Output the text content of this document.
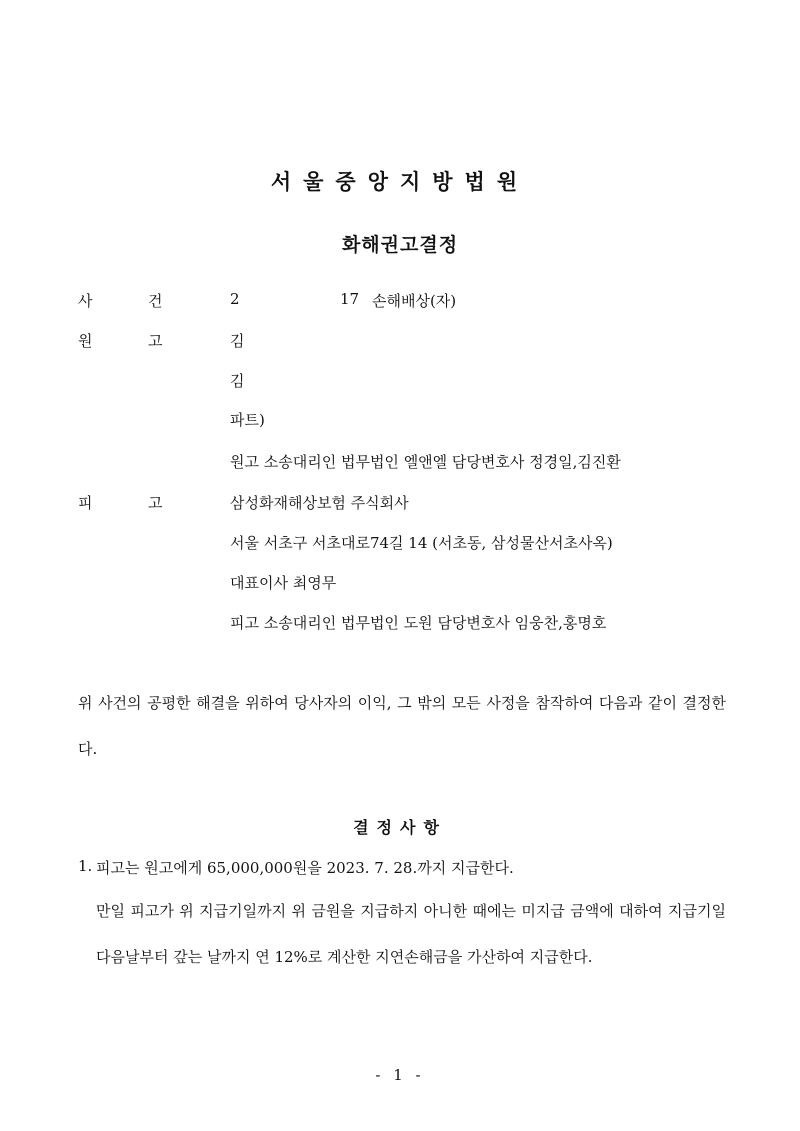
서울중앙지방법원
화해권고결정
사	건	2	17 손해배상(자)
원	고	김
김
파트)
원고 소송대리인 법무법인 엘앤엘 담당변호사 정경일,김진환
피	고	삼성화재해상보험 주식회사
서울 서초구 서초대로74길 14 (서초동, 삼성물산서초사옥)
대표이사 최영무
피고 소송대리인 법무법인 도원 담당변호사 임웅찬,홍명호
위 사건의 공평한 해결을 위하여 당사자의 이익, 그 밖의 모든 사정을 참작하여 다음과 같이 결정한다.
결정사항
1. 피고는 원고에게 65,000,000원을 2023. 7. 28.까지 지급한다.
만일 피고가 위 지급기일까지 위 금원을 지급하지 아니한 때에는 미지급 금액에 대하여 지급기일 다음날부터 갚는 날까지 연 12%로 계산한 지연손해금을 가산하여 지급한다.
- 1 -
